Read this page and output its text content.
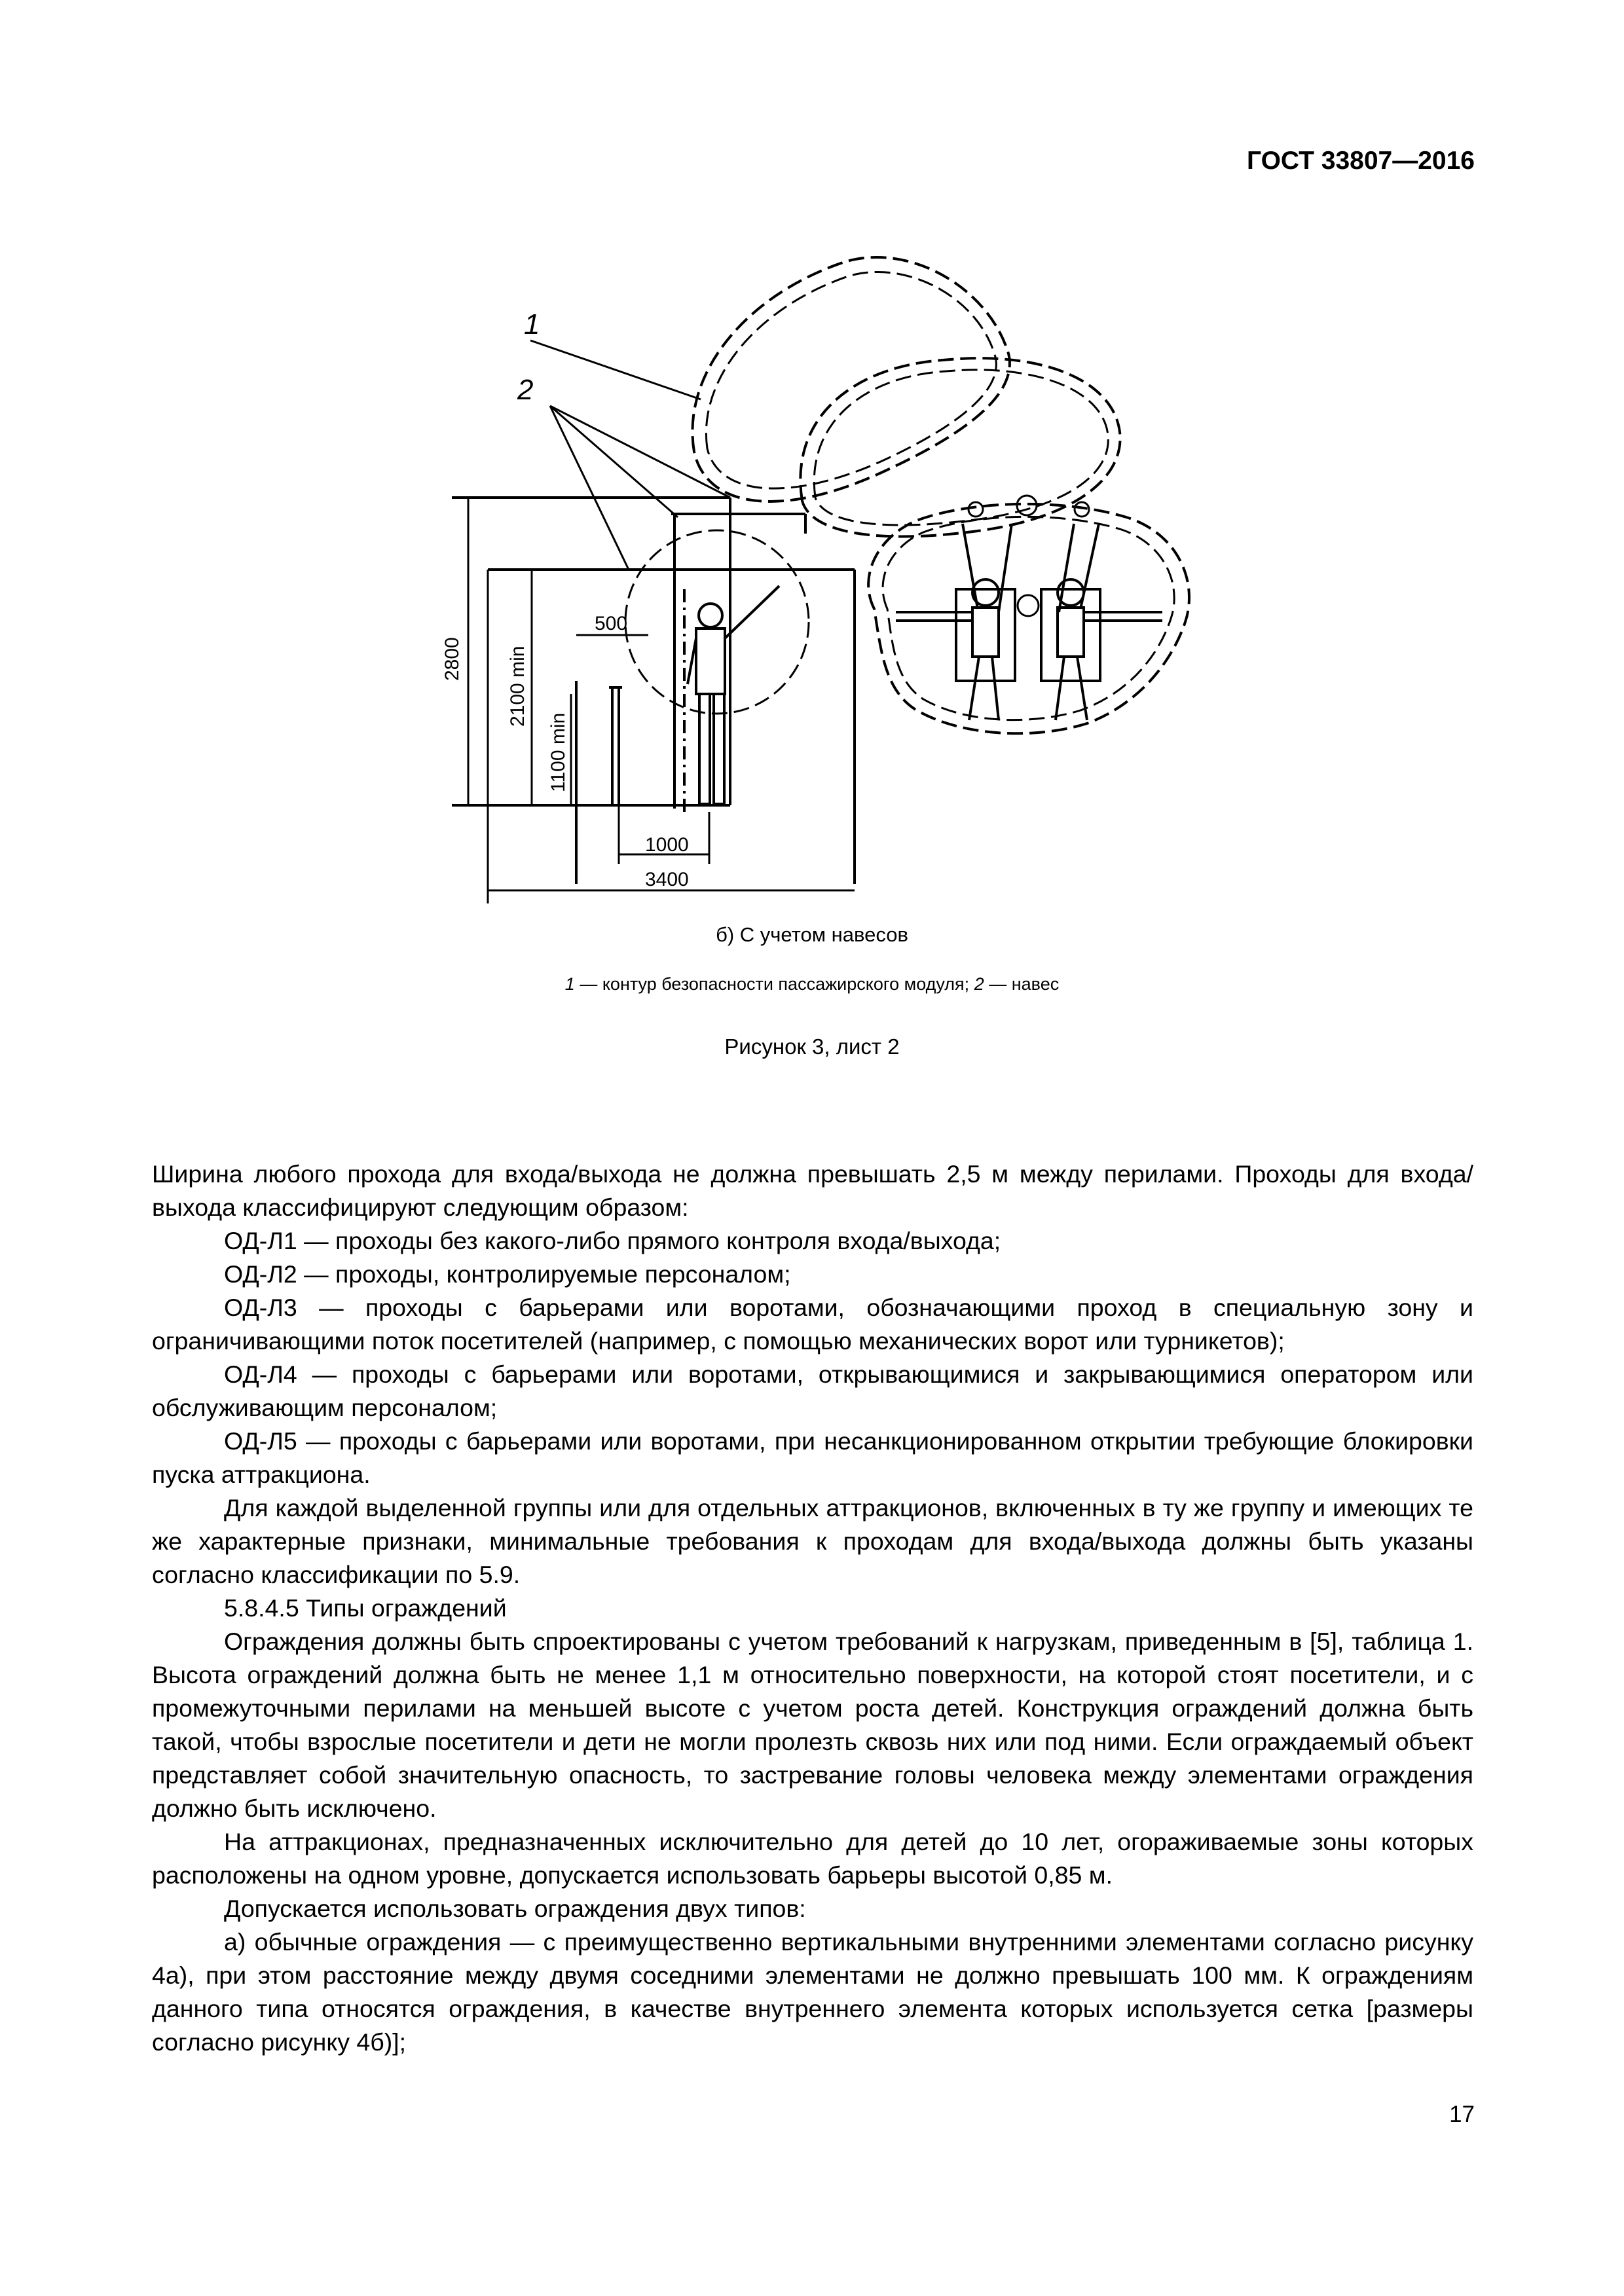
ГОСТ 33807—2016
1
2
2800 2100 min
1100 min
500
1000
3400
б) С учетом навесов
1 — контур безопасности пассажирского модуля; 2 — навес
Рисунок 3, лист 2

Ширина любого прохода для входа/выхода не должна превышать 2,5 м между перилами. Проходы для входа/выхода классифицируют следующим образом:

ОД-Л1 — проходы без какого-либо прямого контроля входа/выхода;

ОД-Л2 — проходы, контролируемые персоналом;

ОД-Л3 — проходы с барьерами или воротами, обозначающими проход в специальную зону и ограничивающими поток посетителей (например, с помощью механических ворот или турникетов);

ОД-Л4 — проходы с барьерами или воротами, открывающимися и закрывающимися оператором или обслуживающим персоналом;

ОД-Л5 — проходы с барьерами или воротами, при несанкционированном открытии требующие блокировки пуска аттракциона.

Для каждой выделенной группы или для отдельных аттракционов, включенных в ту же группу и имеющих те же характерные признаки, минимальные требования к проходам для входа/выхода должны быть указаны согласно классификации по 5.9.

5.8.4.5 Типы ограждений

Ограждения должны быть спроектированы с учетом требований к нагрузкам, приведенным в [5], таблица 1. Высота ограждений должна быть не менее 1,1 м относительно поверхности, на которой стоят посетители, и с промежуточными перилами на меньшей высоте с учетом роста детей. Конструкция ограждений должна быть такой, чтобы взрослые посетители и дети не могли пролезть сквозь них или под ними. Если ограждаемый объект представляет собой значительную опасность, то застревание головы человека между элементами ограждения должно быть исключено.

На аттракционах, предназначенных исключительно для детей до 10 лет, огораживаемые зоны которых расположены на одном уровне, допускается использовать барьеры высотой 0,85 м.

Допускается использовать ограждения двух типов:

а) обычные ограждения — с преимущественно вертикальными внутренними элементами согласно рисунку 4а), при этом расстояние между двумя соседними элементами не должно превышать 100 мм. К ограждениям данного типа относятся ограждения, в качестве внутреннего элемента которых используется сетка [размеры согласно рисунку 4б)];

17
